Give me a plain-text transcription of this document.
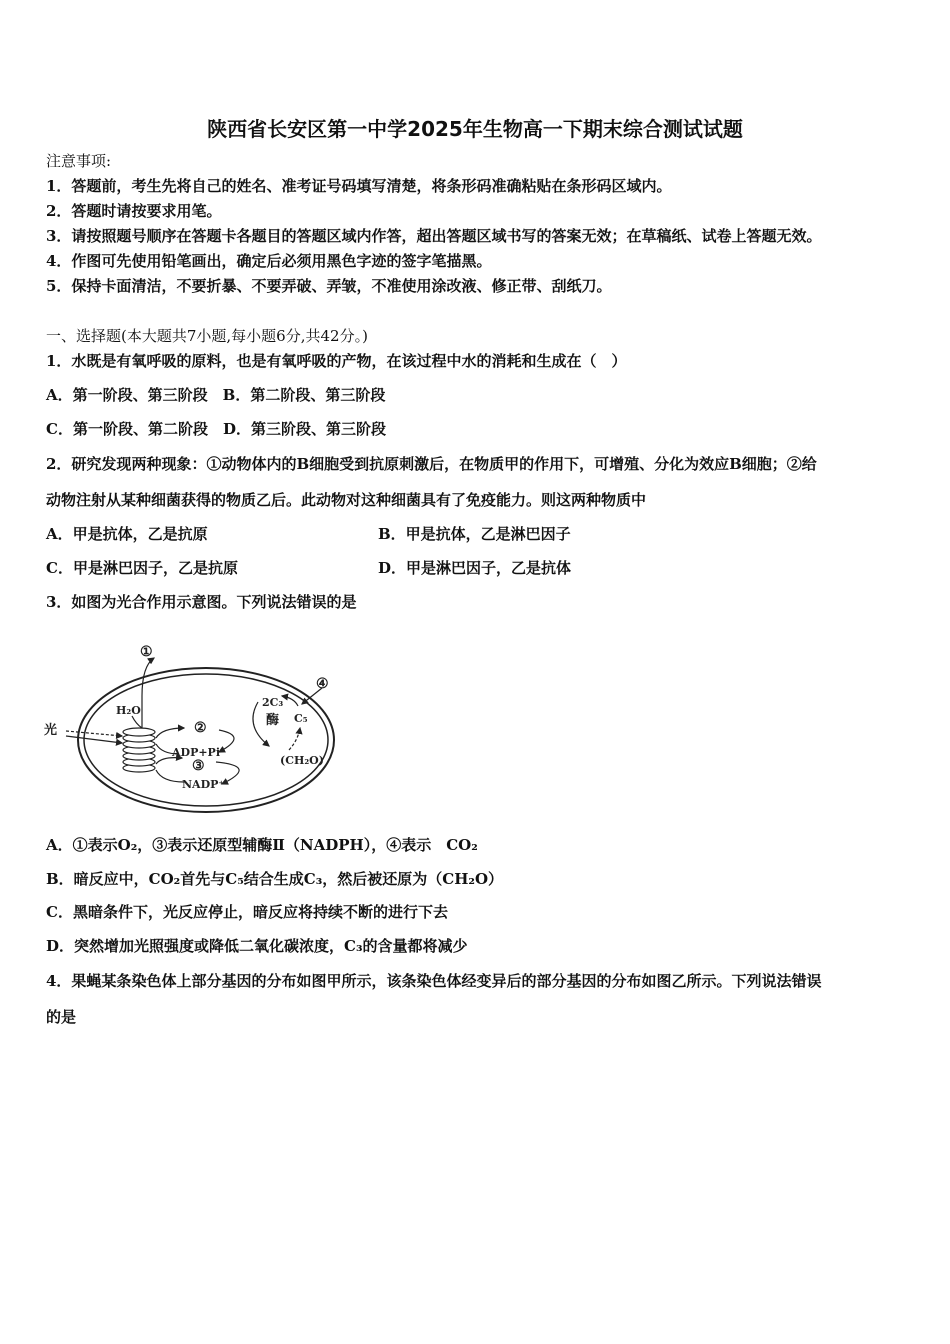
陕西省长安区第一中学2025年生物高一下期末综合测试试题
注意事项:
1．答题前，考生先将自己的姓名、准考证号码填写清楚，将条形码准确粘贴在条形码区域内。
2．答题时请按要求用笔。
3．请按照题号顺序在答题卡各题目的答题区域内作答，超出答题区域书写的答案无效；在草稿纸、试卷上答题无效。
4．作图可先使用铅笔画出，确定后必须用黑色字迹的签字笔描黑。
5．保持卡面清洁，不要折暴、不要弄破、弄皱，不准使用涂改液、修正带、刮纸刀。
一、选择题(本大题共7小题,每小题6分,共42分。)
1．水既是有氧呼吸的原料，也是有氧呼吸的产物，在该过程中水的消耗和生成在（　）
A．第一阶段、第三阶段　B．第二阶段、第三阶段
C．第一阶段、第二阶段　D．第三阶段、第三阶段
2．研究发现两种现象：①动物体内的B细胞受到抗原刺激后，在物质甲的作用下，可增殖、分化为效应B细胞；②给
动物注射从某种细菌获得的物质乙后。此动物对这种细菌具有了免疫能力。则这两种物质中
A．甲是抗体，乙是抗原	B．甲是抗体，乙是淋巴因子
C．甲是淋巴因子，乙是抗原	D．甲是淋巴因子，乙是抗体
3．如图为光合作用示意图。下列说法错误的是
光
H₂O
①
②
ADP+Pi
③
NADP⁺
④
2C₃
C₅
酶
(CH₂O)
A．①表示O₂，③表示还原型辅酶Ⅱ（NADPH），④表示　CO₂
B．暗反应中，CO₂首先与C₅结合生成C₃，然后被还原为（CH₂O）
C．黑暗条件下，光反应停止，暗反应将持续不断的进行下去
D．突然增加光照强度或降低二氧化碳浓度，C₃的含量都将减少
4．果蝇某条染色体上部分基因的分布如图甲所示，该条染色体经变异后的部分基因的分布如图乙所示。下列说法错误
的是
